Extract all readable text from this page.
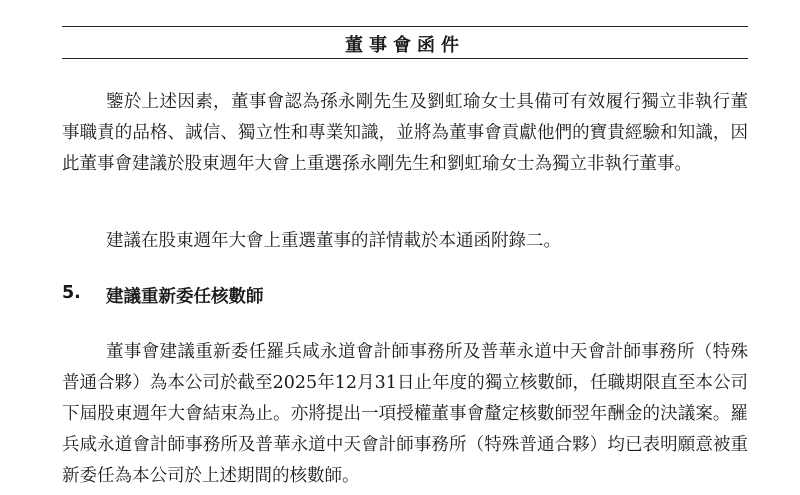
董事會函件

鑒於上述因素，董事會認為孫永剛先生及劉虹瑜女士具備可有效履行獨立非執行董事職責的品格、誠信、獨立性和專業知識，並將為董事會貢獻他們的寶貴經驗和知識，因此董事會建議於股東週年大會上重選孫永剛先生和劉虹瑜女士為獨立非執行董事。

建議在股東週年大會上重選董事的詳情載於本通函附錄二。

5.	建議重新委任核數師

董事會建議重新委任羅兵咸永道會計師事務所及普華永道中天會計師事務所（特殊普通合夥）為本公司於截至2025年12月31日止年度的獨立核數師，任職期限直至本公司下屆股東週年大會結束為止。亦將提出一項授權董事會釐定核數師翌年酬金的決議案。羅兵咸永道會計師事務所及普華永道中天會計師事務所（特殊普通合夥）均已表明願意被重新委任為本公司於上述期間的核數師。
